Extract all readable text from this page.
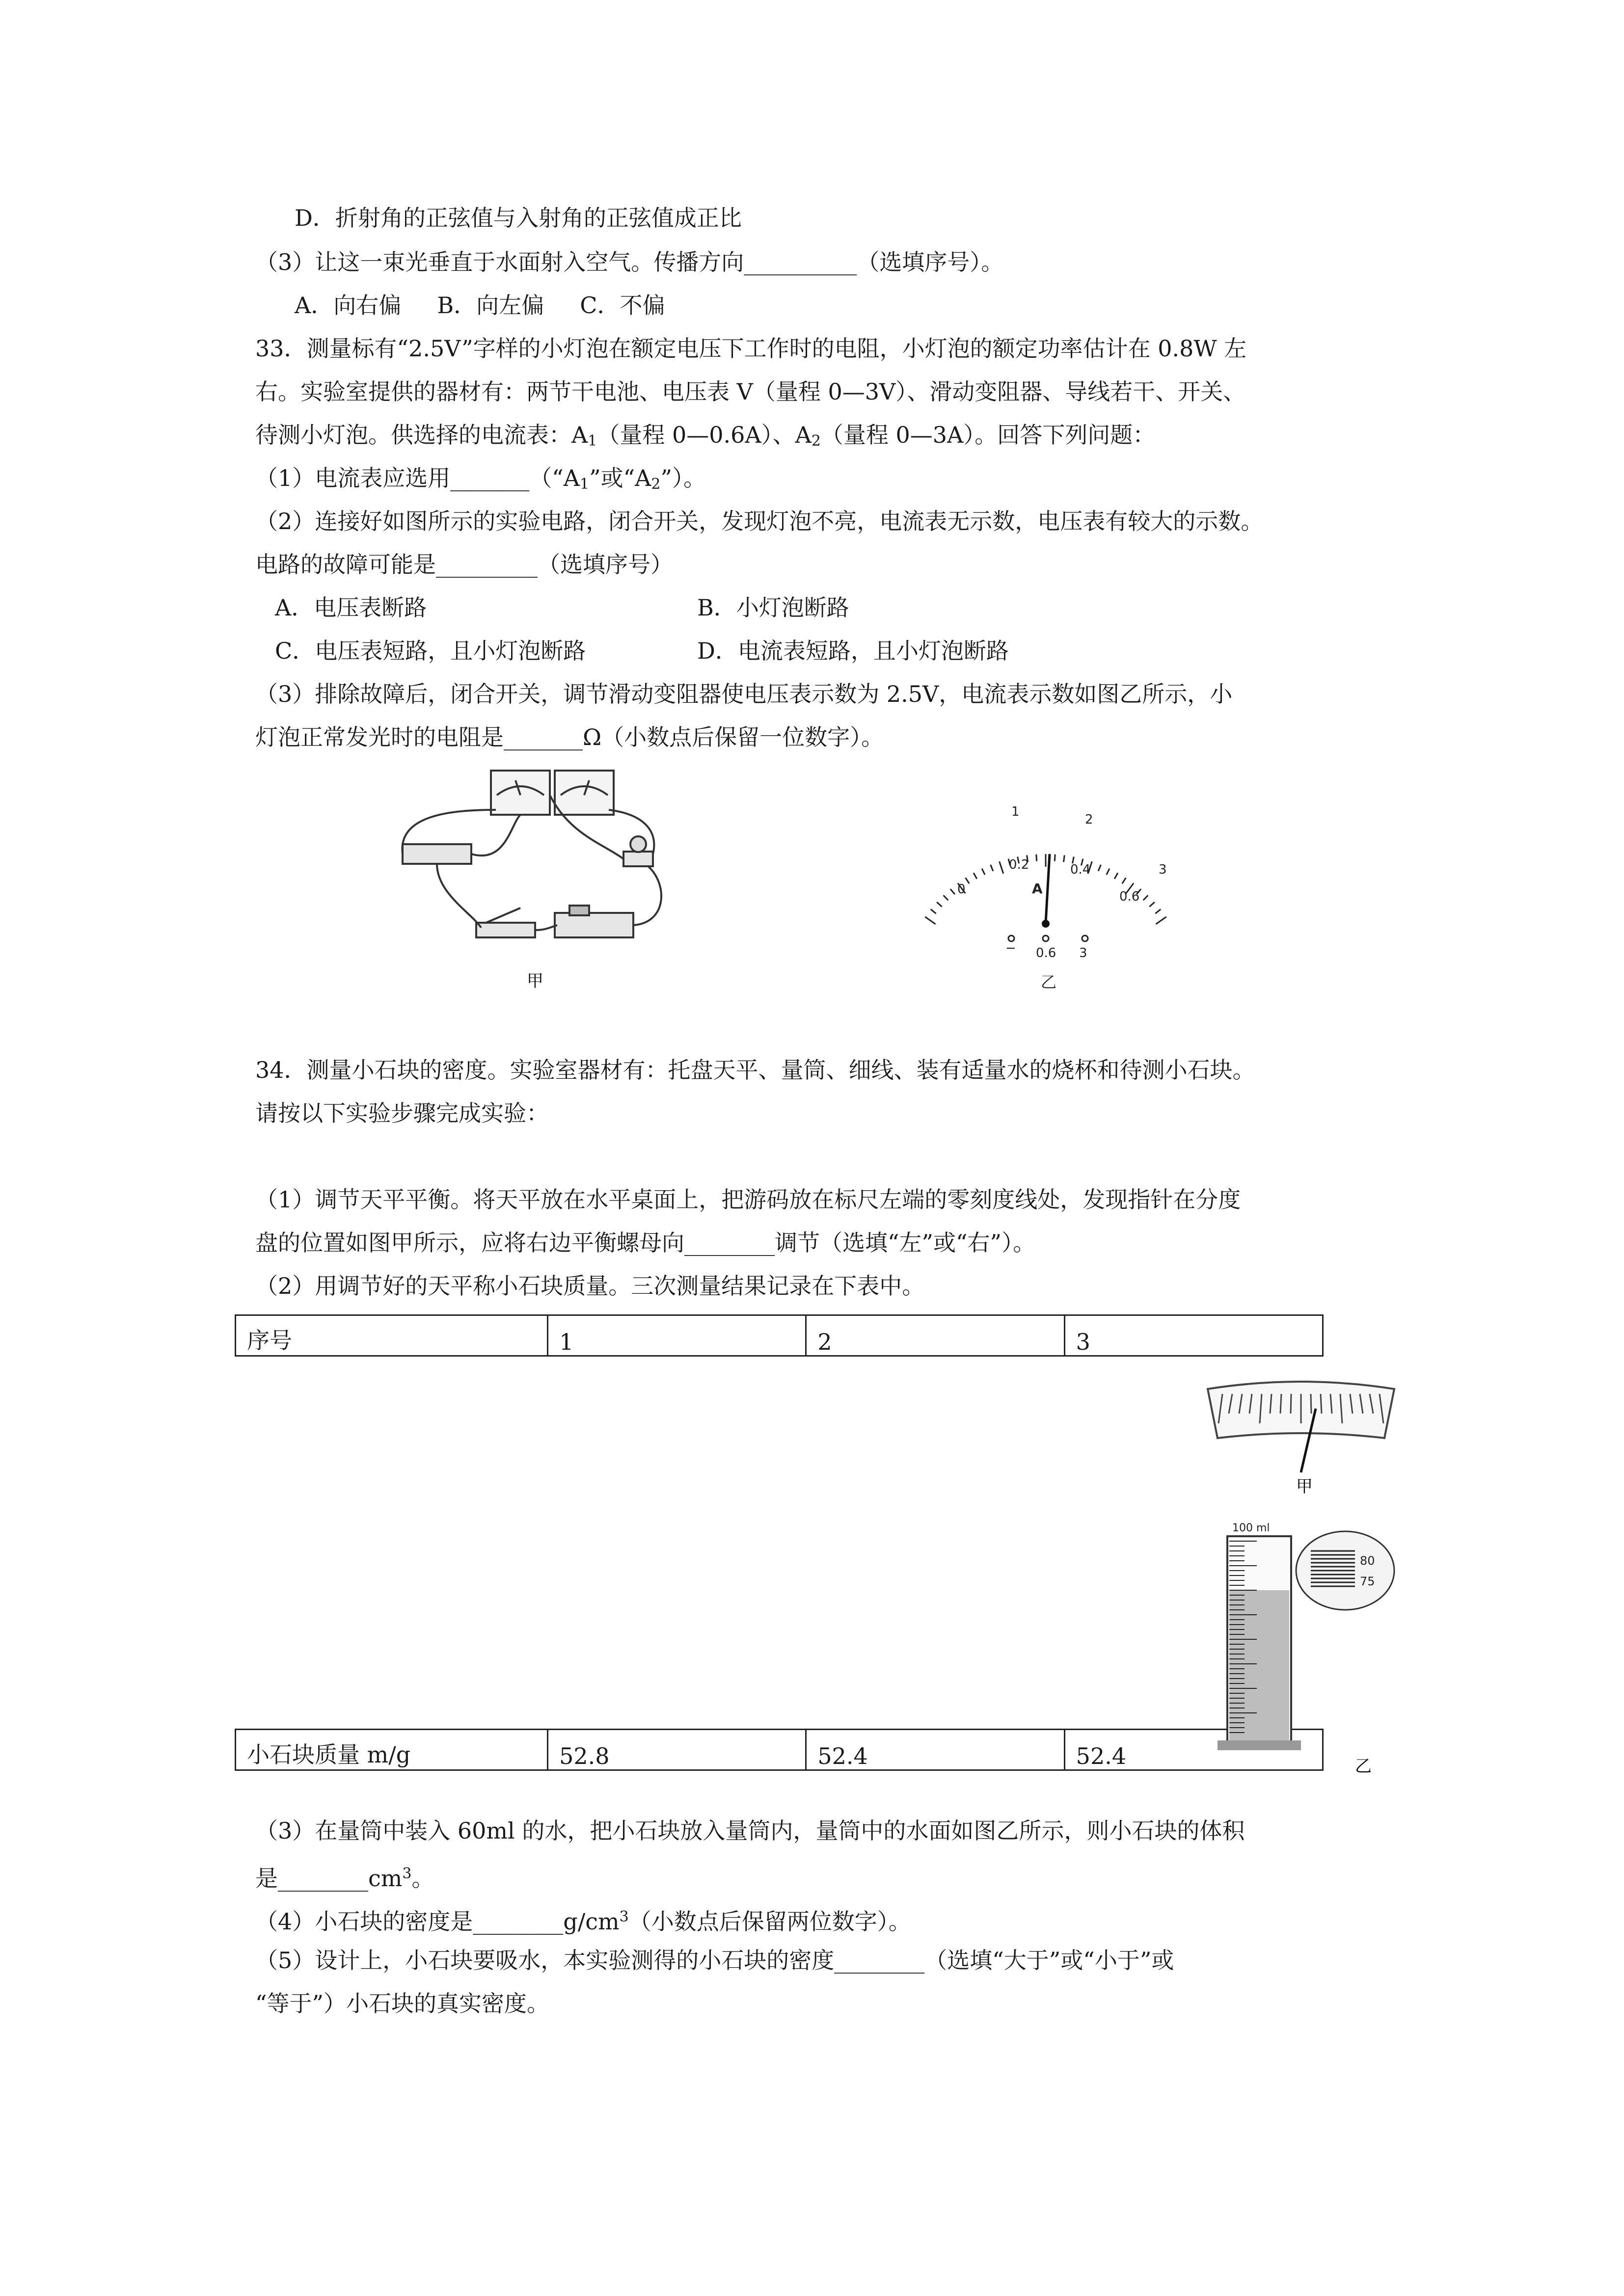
D．折射角的正弦值与入射角的正弦值成正比
（3）让这一束光垂直于水面射入空气。传播方向__________（选填序号）。
A．向右偏     B．向左偏     C．不偏
33．测量标有“2.5V”字样的小灯泡在额定电压下工作时的电阻，小灯泡的额定功率估计在 0.8W 左
右。实验室提供的器材有：两节干电池、电压表 V（量程 0—3V）、滑动变阻器、导线若干、开关、
待测小灯泡。供选择的电流表：$A_1$（量程 0—0.6A）、$A_2$（量程 0—3A）。回答下列问题：
（1）电流表应选用$\_\_\_\_\_\_\_(“A_1$”或“$A_2$”）。
（2）连接好如图所示的实验电路，闭合开关，发现灯泡不亮，电流表无示数，电压表有较大的示数。
电路的故障可能是_________（选填序号）
A．电压表断路	B．小灯泡断路
C．电压表短路，且小灯泡断路	D．电流表短路，且小灯泡断路
（3）排除故障后，闭合开关，调节滑动变阻器使电压表示数为 2.5V，电流表示数如图乙所示，小
灯泡正常发光时的电阻是_______Ω（小数点后保留一位数字）。
甲
1
2
3
0
0.2	0.4
0.6
A
− 0.6 3
乙
34．测量小石块的密度。实验室器材有：托盘天平、量筒、细线、装有适量水的烧杯和待测小石块。
请按以下实验步骤完成实验：
（1）调节天平平衡。将天平放在水平桌面上，把游码放在标尺左端的零刻度线处，发现指针在分度
盘的位置如图甲所示，应将右边平衡螺母向________调节（选填“左”或“右”）。
（2）用调节好的天平称小石块质量。三次测量结果记录在下表中。
序号	1	2	3

小石块质量 m/g	52.8	52.4	52.4
甲
100 ml
80
75
乙
（3）在量筒中装入 60ml 的水，把小石块放入量筒内，量筒中的水面如图乙所示，则小石块的体积
是$\_\_\_\_\_\_\_\_cm^3$。
（4）小石块的密度是$\_\_\_\_\_\_\_\_g/cm^3$（小数点后保留两位数字）。
（5）设计上，小石块要吸水，本实验测得的小石块的密度________（选填“大于”或“小于”或
“等于”）小石块的真实密度。
